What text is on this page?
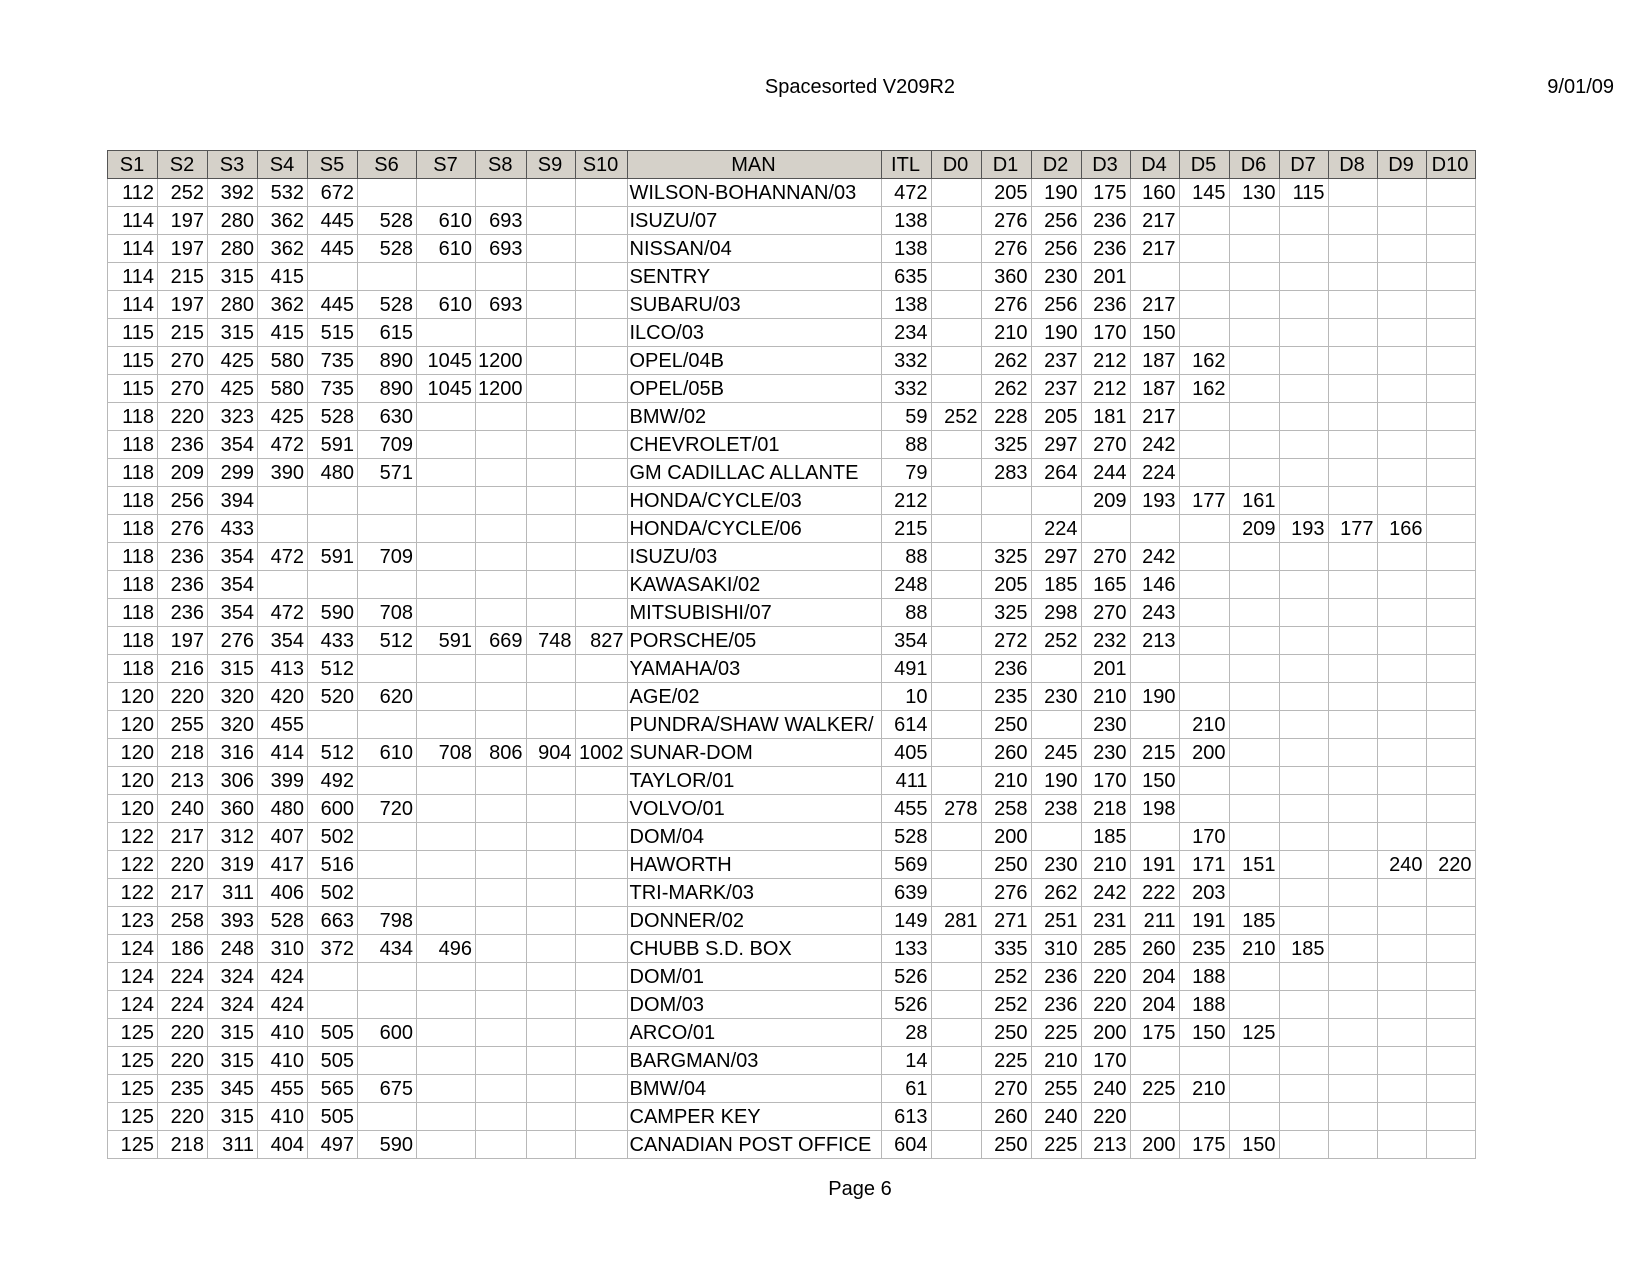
Spacesorted V209R2	9/01/09
S1	S2	S3	S4	S5	S6	S7	S8	S9	S10	MAN	ITL	D0	D1	D2	D3	D4	D5	D6	D7	D8	D9	D10
112	252	392	532	672						WILSON-BOHANNAN/03	472		205	190	175	160	145	130	115			
114	197	280	362	445	528	610	693			ISUZU/07	138		276	256	236	217						
114	197	280	362	445	528	610	693			NISSAN/04	138		276	256	236	217						
114	215	315	415							SENTRY	635		360	230	201							
114	197	280	362	445	528	610	693			SUBARU/03	138		276	256	236	217						
115	215	315	415	515	615					ILCO/03	234		210	190	170	150						
115	270	425	580	735	890	1045	1200			OPEL/04B	332		262	237	212	187	162					
115	270	425	580	735	890	1045	1200			OPEL/05B	332		262	237	212	187	162					
118	220	323	425	528	630					BMW/02	59	252	228	205	181	217						
118	236	354	472	591	709					CHEVROLET/01	88		325	297	270	242						
118	209	299	390	480	571					GM CADILLAC ALLANTE	79		283	264	244	224						
118	256	394								HONDA/CYCLE/03	212				209	193	177	161				
118	276	433								HONDA/CYCLE/06	215			224				209	193	177	166	
118	236	354	472	591	709					ISUZU/03	88		325	297	270	242						
118	236	354								KAWASAKI/02	248		205	185	165	146						
118	236	354	472	590	708					MITSUBISHI/07	88		325	298	270	243						
118	197	276	354	433	512	591	669	748	827	PORSCHE/05	354		272	252	232	213						
118	216	315	413	512						YAMAHA/03	491		236		201							
120	220	320	420	520	620					AGE/02	10		235	230	210	190						
120	255	320	455							PUNDRA/SHAW WALKER/	614		250		230		210					
120	218	316	414	512	610	708	806	904	1002	SUNAR-DOM	405		260	245	230	215	200					
120	213	306	399	492						TAYLOR/01	411		210	190	170	150						
120	240	360	480	600	720					VOLVO/01	455	278	258	238	218	198						
122	217	312	407	502						DOM/04	528		200		185		170					
122	220	319	417	516						HAWORTH	569		250	230	210	191	171	151			240	220
122	217	311	406	502						TRI-MARK/03	639		276	262	242	222	203					
123	258	393	528	663	798					DONNER/02	149	281	271	251	231	211	191	185				
124	186	248	310	372	434	496				CHUBB S.D. BOX	133		335	310	285	260	235	210	185			
124	224	324	424							DOM/01	526		252	236	220	204	188					
124	224	324	424							DOM/03	526		252	236	220	204	188					
125	220	315	410	505	600					ARCO/01	28		250	225	200	175	150	125				
125	220	315	410	505						BARGMAN/03	14		225	210	170							
125	235	345	455	565	675					BMW/04	61		270	255	240	225	210					
125	220	315	410	505						CAMPER KEY	613		260	240	220							
125	218	311	404	497	590					CANADIAN POST OFFICE	604		250	225	213	200	175	150				
Page 6
